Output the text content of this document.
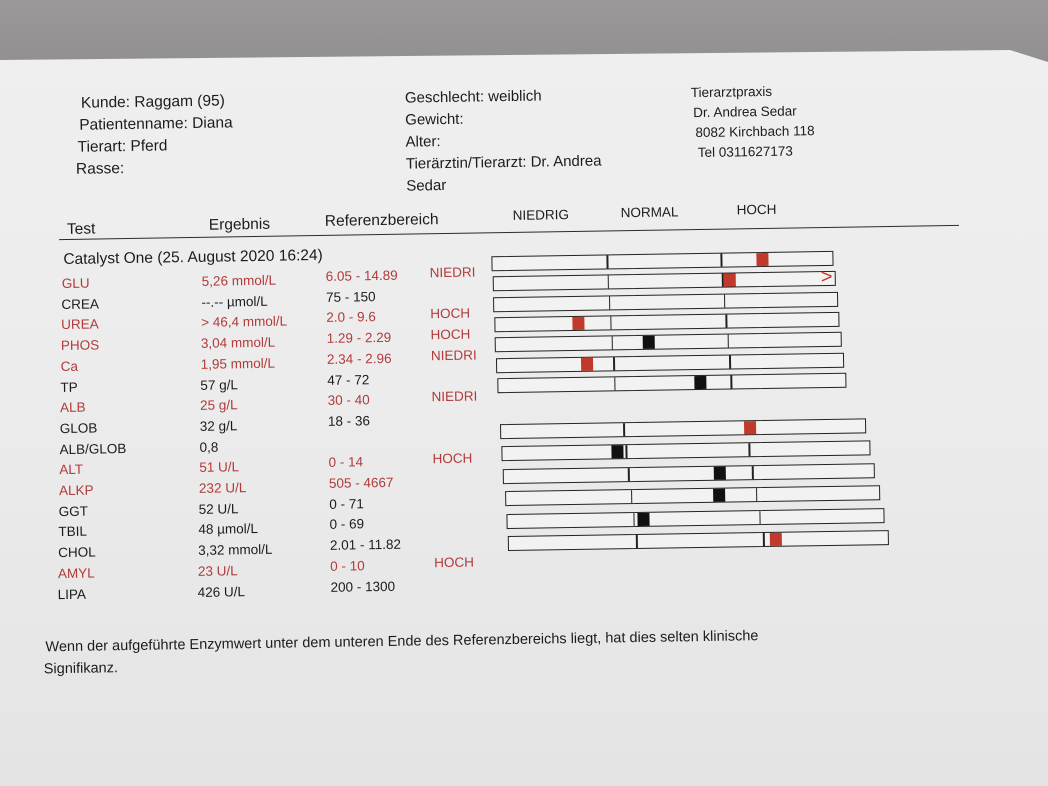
Kunde: Raggam (95)
Patientenname: Diana
Tierart: Pferd
Rasse:
Geschlecht: weiblich
Gewicht:
Alter:
Tierärztin/Tierarzt: Dr. Andrea
Sedar
Tierarztpraxis
Dr. Andrea Sedar
8082 Kirchbach 118
Tel 0311627173
Test	Ergebnis	Referenzbereich	NIEDRIG	NORMAL	HOCH
Catalyst One (25. August 2020 16:24)
GLU	5,26 mmol/L	6.05 - 14.89 NIEDRI
CREA	--.-- µmol/L	75 - 150
UREA	> 46,4 mmol/L	2.0 - 9.6	HOCH
PHOS	3,04 mmol/L	1.29 - 2.29	HOCH
Ca	1,95 mmol/L	2.34 - 2.96	NIEDRI
TP	57 g/L	47 - 72
ALB	25 g/L	30 - 40	NIEDRI
GLOB	32 g/L	18 - 36
ALB/GLOB	0,8
ALT	51 U/L	0 - 14	HOCH
ALKP	232 U/L	505 - 4667
GGT	52 U/L	0 - 71
TBIL	48 µmol/L	0 - 69
CHOL	3,32 mmol/L	2.01 - 11.82
AMYL	23 U/L	0 - 10	HOCH
LIPA	426 U/L	200 - 1300
>
Wenn der aufgeführte Enzymwert unter dem unteren Ende des Referenzbereichs liegt, hat dies selten klinische
Signifikanz.
